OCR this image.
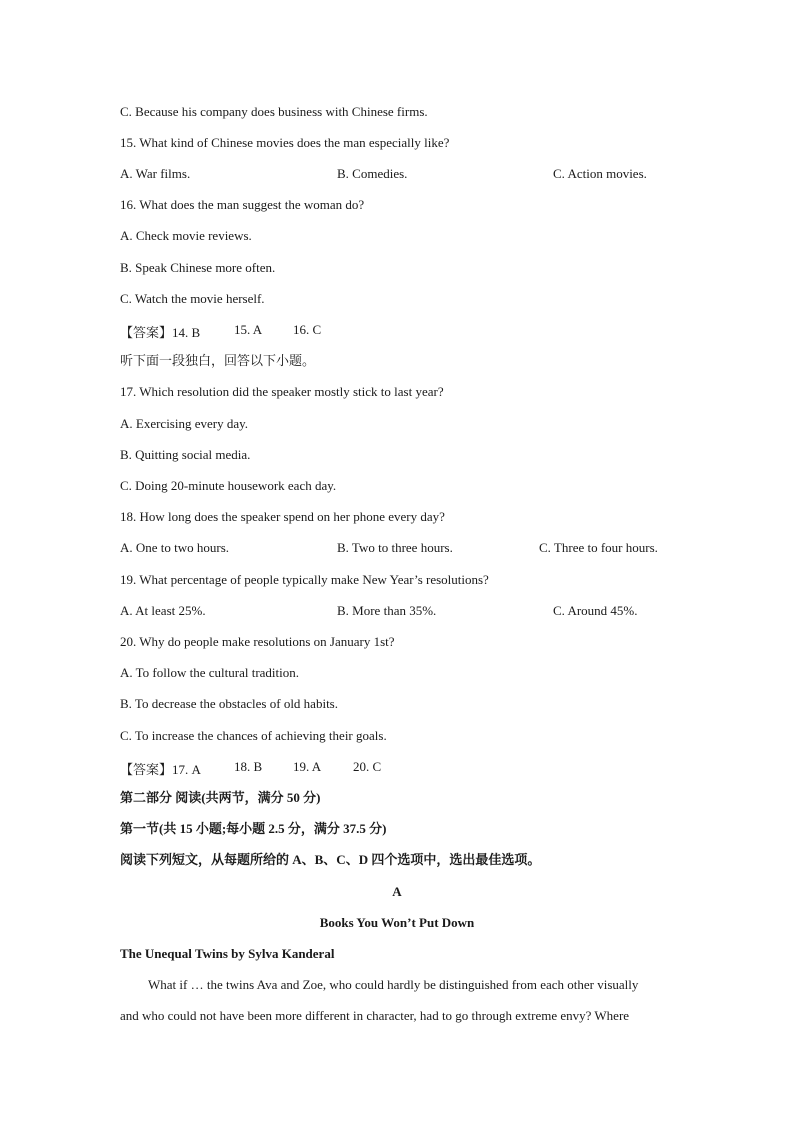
C. Because his company does business with Chinese firms.
15. What kind of Chinese movies does the man especially like?
A. War films.	B. Comedies.	C. Action movies.
16. What does the man suggest the woman do?
A. Check movie reviews.
B. Speak Chinese more often.
C. Watch the movie herself.
【答案】14. B	15. A 16. C
听下面一段独白，回答以下小题。
17. Which resolution did the speaker mostly stick to last year?
A. Exercising every day.
B. Quitting social media.
C. Doing 20-minute housework each day.
18. How long does the speaker spend on her phone every day?
A. One to two hours.	B. Two to three hours.	C. Three to four hours.
19. What percentage of people typically make New Year’s resolutions?
A. At least 25%.	B. More than 35%.	C. Around 45%.
20. Why do people make resolutions on January 1st?
A. To follow the cultural tradition.
B. To decrease the obstacles of old habits.
C. To increase the chances of achieving their goals.
【答案】17. A	18. B 19. A 20. C
第二部分 阅读(共两节，满分 50 分)
第一节(共 15 小题;每小题 2.5 分，满分 37.5 分)
阅读下列短文，从每题所给的 A、B、C、D 四个选项中，选出最佳选项。
A
Books You Won’t Put Down
The Unequal Twins by Sylva Kanderal
What if … the twins Ava and Zoe, who could hardly be distinguished from each other visually
and who could not have been more different in character, had to go through extreme envy? Where
